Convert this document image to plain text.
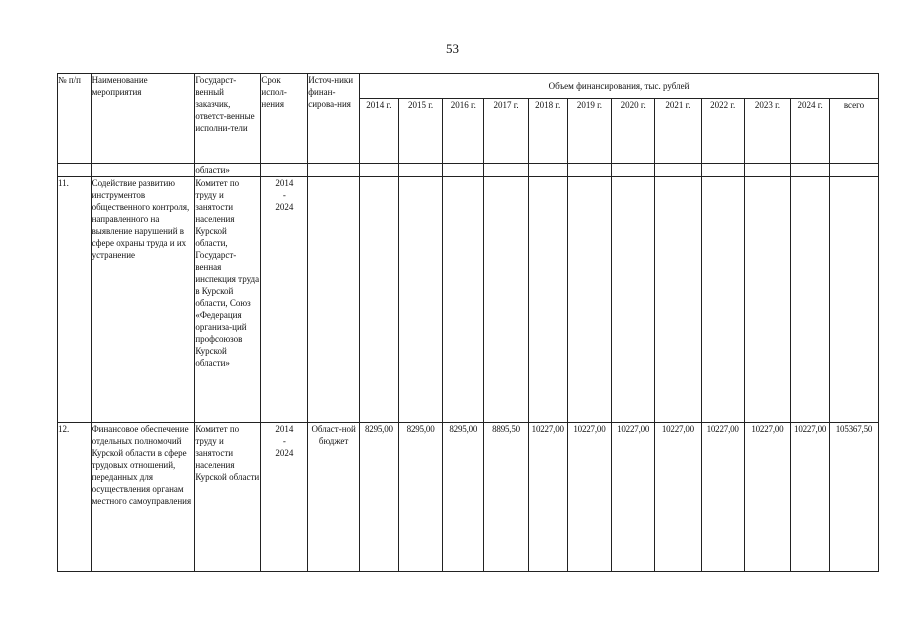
53
№ п/п	Наименование мероприятия	Государст-венный заказчик, ответст-венные исполни-тели	Срок испол-нения	Источ-ники финан-сирова-ния	Объем финансирования, тыс. рублей											
					2014 г.	2015 г.	2016 г.	2017 г.	2018 г.	2019 г.	2020 г.	2021 г.	2022 г.	2023 г.	2024 г.	всего
		области»														
11.	Содействие развитию инструментов общественного контроля, направленного на выявление нарушений в сфере охраны труда и их устранение	Комитет по труду и занятости населения Курской области, Государст-венная инспекция труда в Курской области, Союз «Федерация организа-ций профсоюзов Курской области»	2014
-
2024													

12.	Финансовое обеспечение отдельных полномочий Курской области в сфере трудовых отношений, переданных для осуществления органам местного самоуправления	Комитет по труду и занятости населения Курской области	2014
-
2024	Област-ной бюджет	8295,00	8295,00	8295,00	8895,50	10227,00	10227,00	10227,00	10227,00	10227,00	10227,00	10227,00	105367,50
